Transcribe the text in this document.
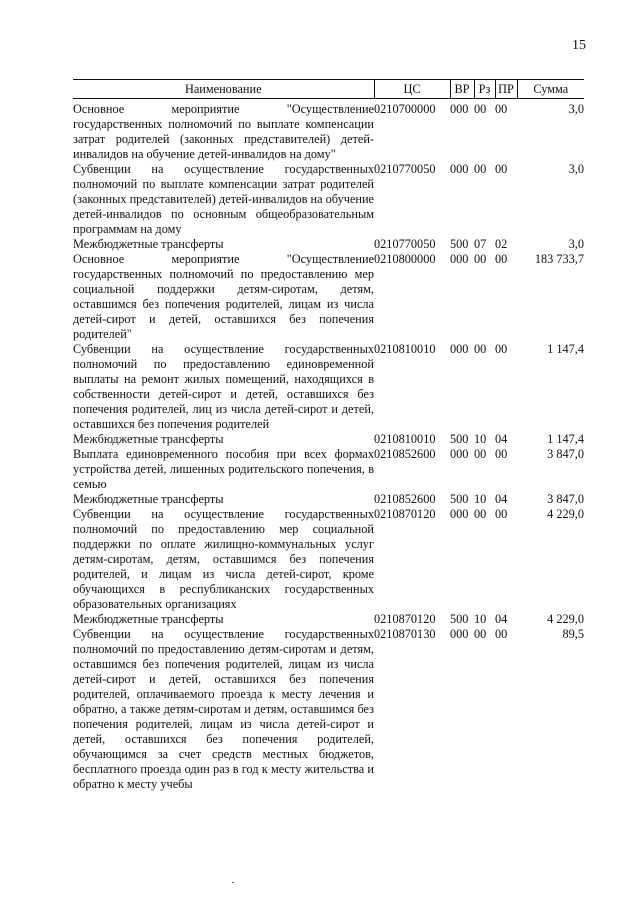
15
Наименование	ЦС	ВР	Рз	ПР	Сумма
Основное мероприятие "Осуществление государственных полномочий по выплате компенсации затрат родителей (законных представителей) детей-инвалидов на обучение детей-инвалидов на дому"	0210700000	000	00	00	3,0
Субвенции на осуществление государственных полномочий по выплате компенсации затрат родителей (законных представителей) детей-инвалидов на обучение детей-инвалидов по основным общеобразовательным программам на дому	0210770050	000	00	00	3,0
Межбюджетные трансферты	0210770050	500	07	02	3,0
Основное мероприятие "Осуществление государственных полномочий по предоставлению мер социальной поддержки детям-сиротам, детям, оставшимся без попечения родителей, лицам из числа детей-сирот и детей, оставшихся без попечения родителей"	0210800000	000	00	00	183 733,7
Субвенции на осуществление государственных полномочий по предоставлению единовременной выплаты на ремонт жилых помещений, находящихся в собственности детей-сирот и детей, оставшихся без попечения родителей, лиц из числа детей-сирот и детей, оставшихся без попечения родителей	0210810010	000	00	00	1 147,4
Межбюджетные трансферты	0210810010	500	10	04	1 147,4
Выплата единовременного пособия при всех формах устройства детей, лишенных родительского попечения, в семью	0210852600	000	00	00	3 847,0
Межбюджетные трансферты	0210852600	500	10	04	3 847,0
Субвенции на осуществление государственных полномочий по предоставлению мер социальной поддержки по оплате жилищно-коммунальных услуг детям-сиротам, детям, оставшимся без попечения родителей, и лицам из числа детей-сирот, кроме обучающихся в республиканских государственных образовательных организациях	0210870120	000	00	00	4 229,0
Межбюджетные трансферты	0210870120	500	10	04	4 229,0
Субвенции на осуществление государственных полномочий по предоставлению детям-сиротам и детям, оставшимся без попечения родителей, лицам из числа детей-сирот и детей, оставшихся без попечения родителей, оплачиваемого проезда к месту лечения и обратно, а также детям-сиротам и детям, оставшимся без попечения родителей, лицам из числа детей-сирот и детей, оставшихся без попечения родителей, обучающимся за счет средств местных бюджетов, бесплатного проезда один раз в год к месту жительства и обратно к месту учебы	0210870130	000	00	00	89,5
